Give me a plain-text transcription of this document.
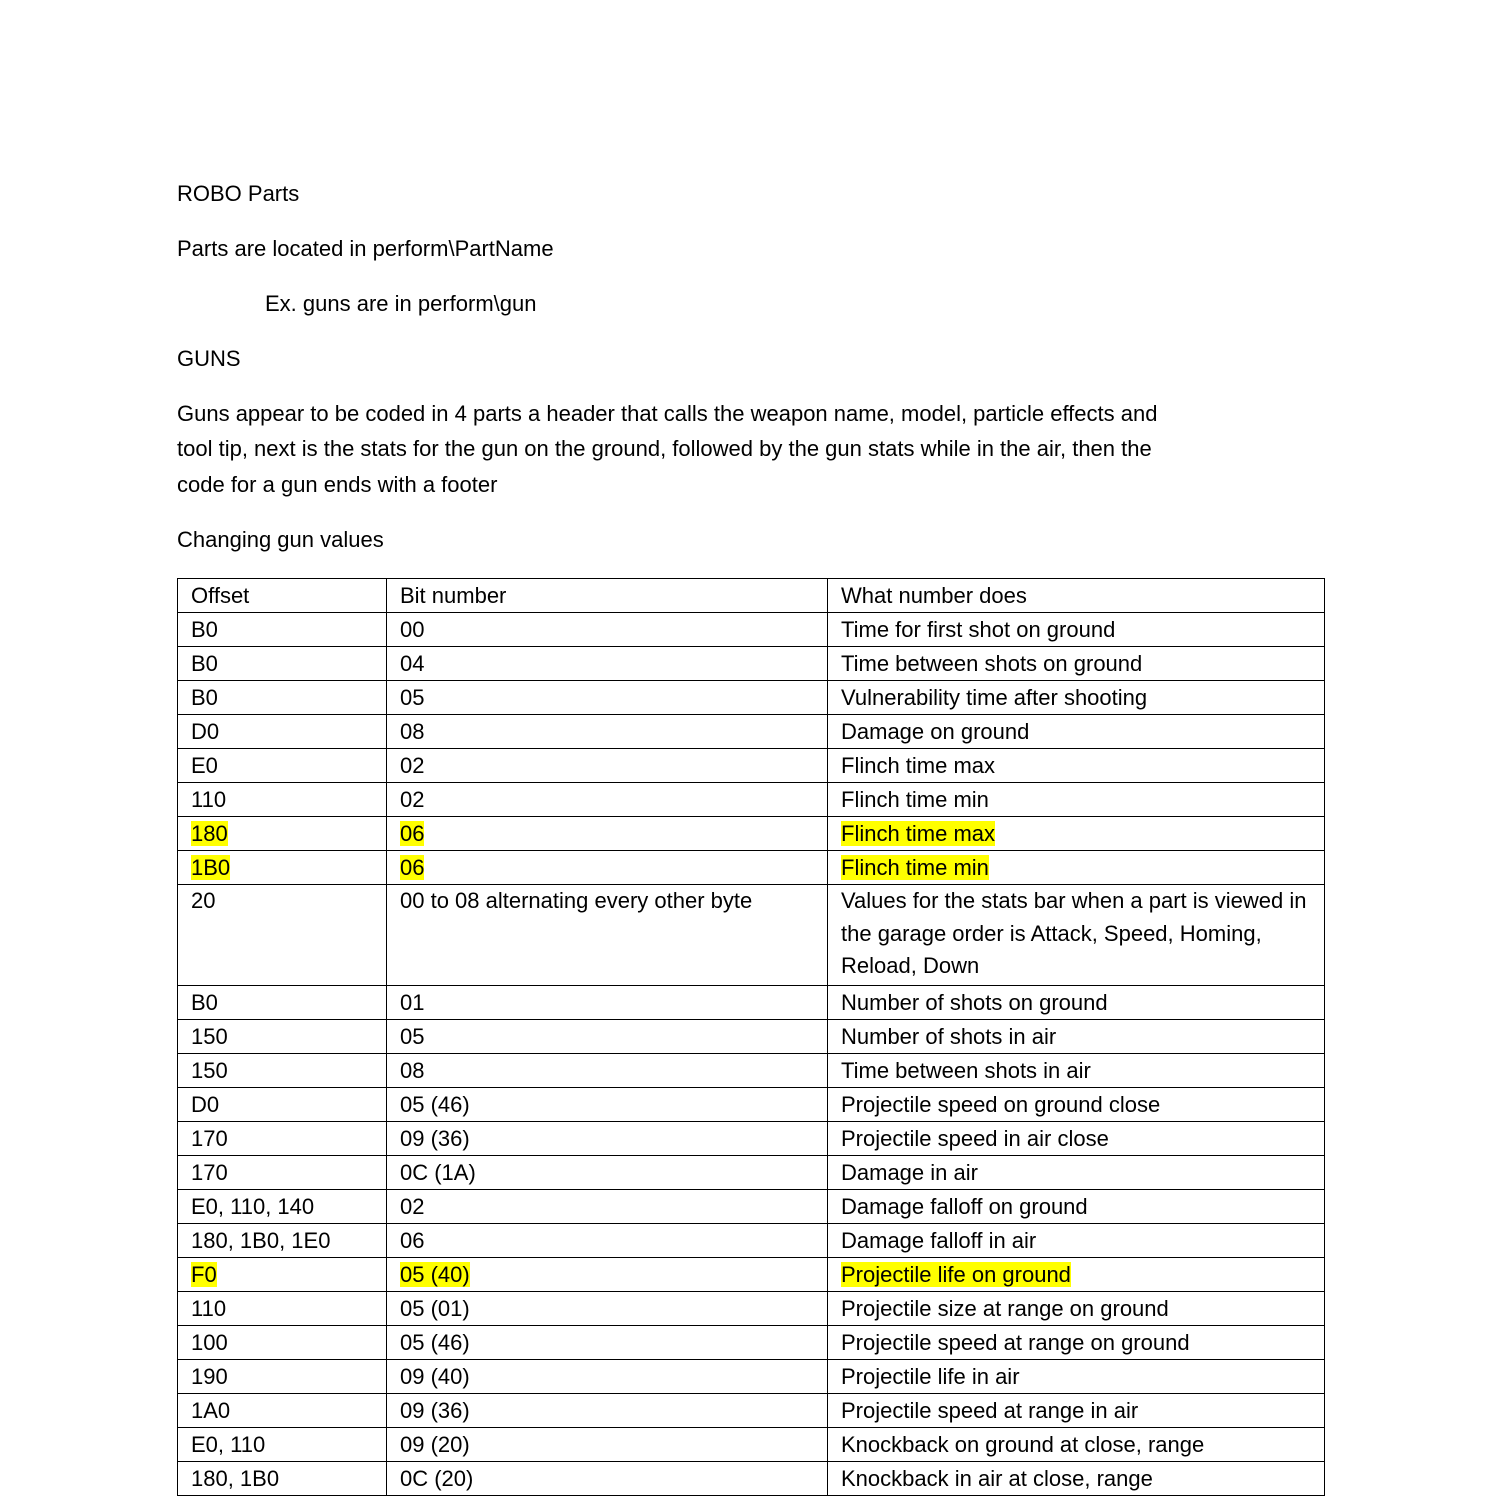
ROBO Parts
Parts are located in perform\PartName
Ex. guns are in perform\gun
GUNS
Guns appear to be coded in 4 parts a header that calls the weapon name, model, particle effects and
tool tip, next is the stats for the gun on the ground, followed by the gun stats while in the air, then the
code for a gun ends with a footer
Changing gun values
Offset	Bit number	What number does
B0	00	Time for first shot on ground
B0	04	Time between shots on ground
B0	05	Vulnerability time after shooting
D0	08	Damage on ground
E0	02	Flinch time max
110	02	Flinch time min
180	06	Flinch time max
1B0	06	Flinch time min
20	00 to 08 alternating every other byte	Values for the stats bar when a part is viewed in the garage order is Attack, Speed, Homing, Reload, Down
B0	01	Number of shots on ground
150	05	Number of shots in air
150	08	Time between shots in air
D0	05 (46)	Projectile speed on ground close
170	09 (36)	Projectile speed in air close
170	0C (1A)	Damage in air
E0, 110, 140	02	Damage falloff on ground
180, 1B0, 1E0	06	Damage falloff in air
F0	05 (40)	Projectile life on ground
110	05 (01)	Projectile size at range on ground
100	05 (46)	Projectile speed at range on ground
190	09 (40)	Projectile life in air
1A0	09 (36)	Projectile speed at range in air
E0, 110	09 (20)	Knockback on ground at close, range
180, 1B0	0C (20)	Knockback in air at close, range
